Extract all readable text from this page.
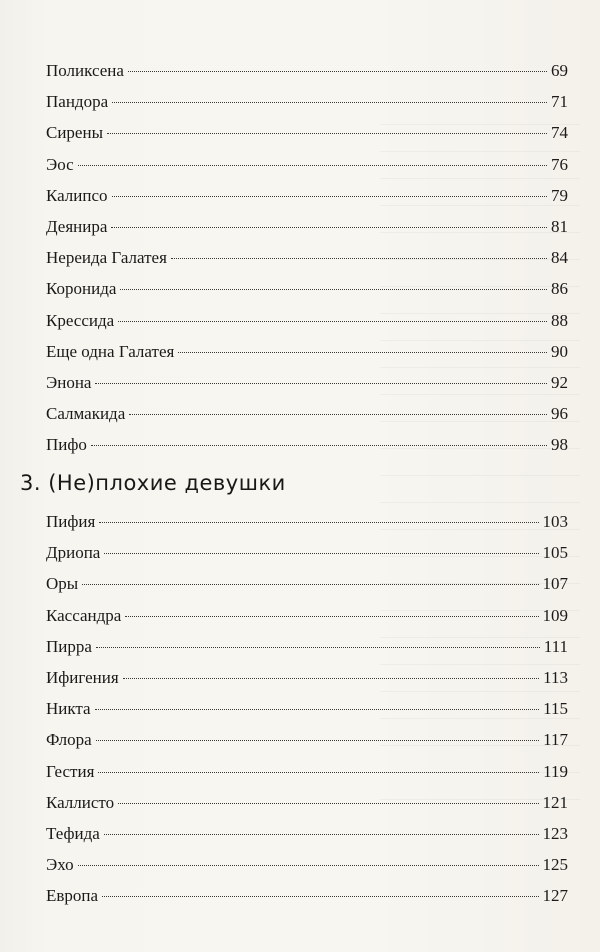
Поликсена	69
Пандора	71
Сирены	74
Эос	76
Калипсо	79
Деянира	81
Нереида Галатея	84
Коронида	86
Крессида	88
Еще одна Галатея	90
Энона	92
Салмакида	96
Пифо	98
3. (Не)плохие девушки
Пифия	103
Дриопа	105
Оры	107
Кассандра	109
Пирра	111
Ифигения	113
Никта	115
Флора	117
Гестия	119
Каллисто	121
Тефида	123
Эхо	125
Европа	127
